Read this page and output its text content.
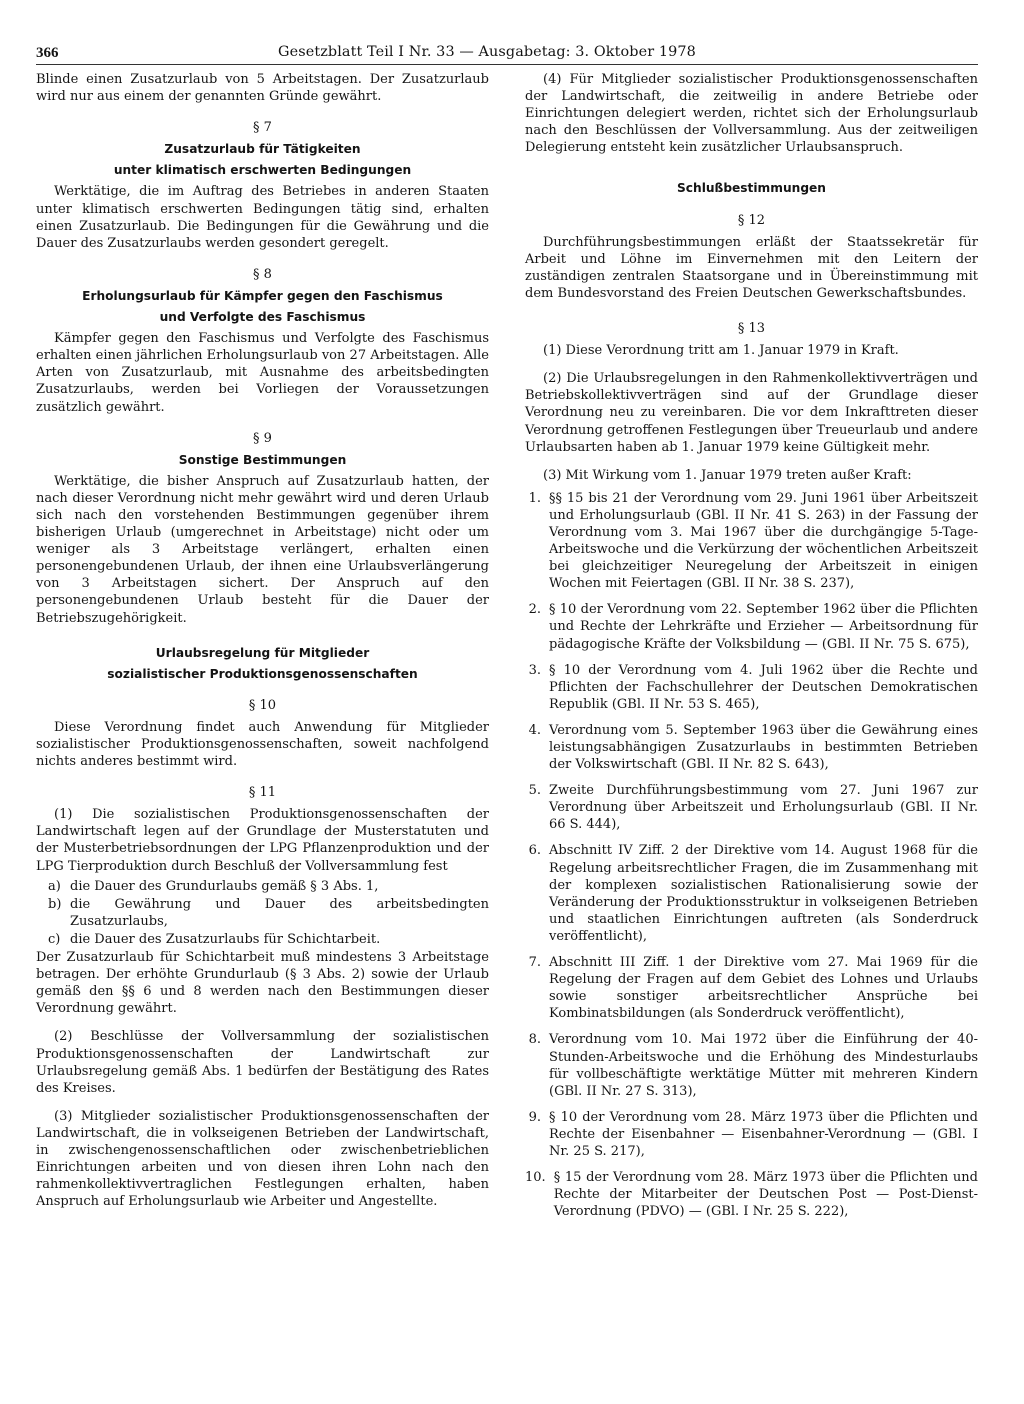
366	Gesetzblatt Teil I Nr. 33 — Ausgabetag: 3. Oktober 1978

Blinde einen Zusatzurlaub von 5 Arbeitstagen. Der Zusatzurlaub wird nur aus einem der genannten Gründe gewährt.

§ 7
Zusatzurlaub für Tätigkeiten
unter klimatisch erschwerten Bedingungen

Werktätige, die im Auftrag des Betriebes in anderen Staaten unter klimatisch erschwerten Bedingungen tätig sind, erhalten einen Zusatzurlaub. Die Bedingungen für die Gewährung und die Dauer des Zusatzurlaubs werden gesondert geregelt.

§ 8
Erholungsurlaub für Kämpfer gegen den Faschismus
und Verfolgte des Faschismus

Kämpfer gegen den Faschismus und Verfolgte des Faschismus erhalten einen jährlichen Erholungsurlaub von 27 Arbeitstagen. Alle Arten von Zusatzurlaub, mit Ausnahme des arbeitsbedingten Zusatzurlaubs, werden bei Vorliegen der Voraussetzungen zusätzlich gewährt.

§ 9
Sonstige Bestimmungen

Werktätige, die bisher Anspruch auf Zusatzurlaub hatten, der nach dieser Verordnung nicht mehr gewährt wird und deren Urlaub sich nach den vorstehenden Bestimmungen gegenüber ihrem bisherigen Urlaub (umgerechnet in Arbeitstage) nicht oder um weniger als 3 Arbeitstage verlängert, erhalten einen personengebundenen Urlaub, der ihnen eine Urlaubsverlängerung von 3 Arbeitstagen sichert. Der Anspruch auf den personengebundenen Urlaub besteht für die Dauer der Betriebszugehörigkeit.

Urlaubsregelung für Mitglieder
sozialistischer Produktionsgenossenschaften
§ 10

Diese Verordnung findet auch Anwendung für Mitglieder sozialistischer Produktionsgenossenschaften, soweit nachfolgend nichts anderes bestimmt wird.

§ 11

(1) Die sozialistischen Produktionsgenossenschaften der Landwirtschaft legen auf der Grundlage der Musterstatuten und der Musterbetriebsordnungen der LPG Pflanzenproduktion und der LPG Tierproduktion durch Beschluß der Vollversammlung fest

a) die Dauer des Grundurlaubs gemäß § 3 Abs. 1,
b) die Gewährung und Dauer des arbeitsbedingten Zusatzurlaubs,
c) die Dauer des Zusatzurlaubs für Schichtarbeit.

Der Zusatzurlaub für Schichtarbeit muß mindestens 3 Arbeitstage betragen. Der erhöhte Grundurlaub (§ 3 Abs. 2) sowie der Urlaub gemäß den §§ 6 und 8 werden nach den Bestimmungen dieser Verordnung gewährt.

(2) Beschlüsse der Vollversammlung der sozialistischen Produktionsgenossenschaften der Landwirtschaft zur Urlaubsregelung gemäß Abs. 1 bedürfen der Bestätigung des Rates des Kreises.

(3) Mitglieder sozialistischer Produktionsgenossenschaften der Landwirtschaft, die in volkseigenen Betrieben der Landwirtschaft, in zwischengenossenschaftlichen oder zwischenbetrieblichen Einrichtungen arbeiten und von diesen ihren Lohn nach den rahmenkollektivvertraglichen Festlegungen erhalten, haben Anspruch auf Erholungsurlaub wie Arbeiter und Angestellte.

(4) Für Mitglieder sozialistischer Produktionsgenossenschaften der Landwirtschaft, die zeitweilig in andere Betriebe oder Einrichtungen delegiert werden, richtet sich der Erholungsurlaub nach den Beschlüssen der Vollversammlung. Aus der zeitweiligen Delegierung entsteht kein zusätzlicher Urlaubsanspruch.

Schlußbestimmungen
§ 12

Durchführungsbestimmungen erläßt der Staatssekretär für Arbeit und Löhne im Einvernehmen mit den Leitern der zuständigen zentralen Staatsorgane und in Übereinstimmung mit dem Bundesvorstand des Freien Deutschen Gewerkschaftsbundes.

§ 13

(1) Diese Verordnung tritt am 1. Januar 1979 in Kraft.

(2) Die Urlaubsregelungen in den Rahmenkollektivverträgen und Betriebskollektivverträgen sind auf der Grundlage dieser Verordnung neu zu vereinbaren. Die vor dem Inkrafttreten dieser Verordnung getroffenen Festlegungen über Treueurlaub und andere Urlaubsarten haben ab 1. Januar 1979 keine Gültigkeit mehr.

(3) Mit Wirkung vom 1. Januar 1979 treten außer Kraft:

1. §§ 15 bis 21 der Verordnung vom 29. Juni 1961 über Arbeitszeit und Erholungsurlaub (GBl. II Nr. 41 S. 263) in der Fassung der Verordnung vom 3. Mai 1967 über die durchgängige 5-Tage-Arbeitswoche und die Verkürzung der wöchentlichen Arbeitszeit bei gleichzeitiger Neuregelung der Arbeitszeit in einigen Wochen mit Feiertagen (GBl. II Nr. 38 S. 237),
2. § 10 der Verordnung vom 22. September 1962 über die Pflichten und Rechte der Lehrkräfte und Erzieher — Arbeitsordnung für pädagogische Kräfte der Volksbildung — (GBl. II Nr. 75 S. 675),
3. § 10 der Verordnung vom 4. Juli 1962 über die Rechte und Pflichten der Fachschullehrer der Deutschen Demokratischen Republik (GBl. II Nr. 53 S. 465),
4. Verordnung vom 5. September 1963 über die Gewährung eines leistungsabhängigen Zusatzurlaubs in bestimmten Betrieben der Volkswirtschaft (GBl. II Nr. 82 S. 643),
5. Zweite Durchführungsbestimmung vom 27. Juni 1967 zur Verordnung über Arbeitszeit und Erholungsurlaub (GBl. II Nr. 66 S. 444),
6. Abschnitt IV Ziff. 2 der Direktive vom 14. August 1968 für die Regelung arbeitsrechtlicher Fragen, die im Zusammenhang mit der komplexen sozialistischen Rationalisierung sowie der Veränderung der Produktionsstruktur in volkseigenen Betrieben und staatlichen Einrichtungen auftreten (als Sonderdruck veröffentlicht),
7. Abschnitt III Ziff. 1 der Direktive vom 27. Mai 1969 für die Regelung der Fragen auf dem Gebiet des Lohnes und Urlaubs sowie sonstiger arbeitsrechtlicher Ansprüche bei Kombinatsbildungen (als Sonderdruck veröffentlicht),
8. Verordnung vom 10. Mai 1972 über die Einführung der 40-Stunden-Arbeitswoche und die Erhöhung des Mindesturlaubs für vollbeschäftigte werktätige Mütter mit mehreren Kindern (GBl. II Nr. 27 S. 313),
9. § 10 der Verordnung vom 28. März 1973 über die Pflichten und Rechte der Eisenbahner — Eisenbahner-Verordnung — (GBl. I Nr. 25 S. 217),
10. § 15 der Verordnung vom 28. März 1973 über die Pflichten und Rechte der Mitarbeiter der Deutschen Post — Post-Dienst-Verordnung (PDVO) — (GBl. I Nr. 25 S. 222),
